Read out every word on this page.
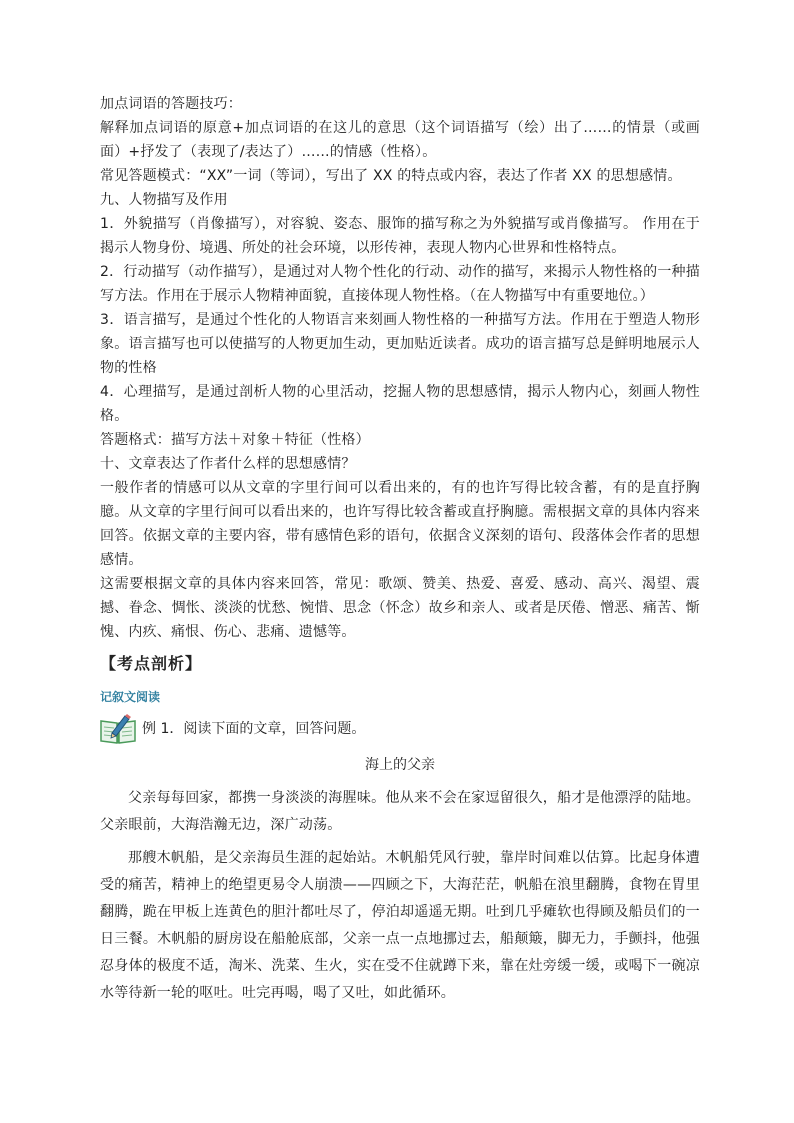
加点词语的答题技巧：

解释加点词语的原意+加点词语的在这儿的意思（这个词语描写（绘）出了……的情景（或画面）+抒发了（表现了/表达了）……的情感（性格）。

常见答题模式：“XX”一词（等词），写出了 XX 的特点或内容，表达了作者 XX 的思想感情。

九、人物描写及作用

1．外貌描写（肖像描写），对容貌、姿态、服饰的描写称之为外貌描写或肖像描写。 作用在于揭示人物身份、境遇、所处的社会环境，以形传神，表现人物内心世界和性格特点。

2．行动描写（动作描写），是通过对人物个性化的行动、动作的描写，来揭示人物性格的一种描写方法。作用在于展示人物精神面貌，直接体现人物性格。（在人物描写中有重要地位。）

3．语言描写，是通过个性化的人物语言来刻画人物性格的一种描写方法。作用在于塑造人物形象。语言描写也可以使描写的人物更加生动，更加贴近读者。成功的语言描写总是鲜明地展示人物的性格

4．心理描写，是通过剖析人物的心里活动，挖掘人物的思想感情，揭示人物内心，刻画人物性格。

答题格式：描写方法＋对象＋特征（性格）

十、文章表达了作者什么样的思想感情？

一般作者的情感可以从文章的字里行间可以看出来的，有的也许写得比较含蓄，有的是直抒胸臆。从文章的字里行间可以看出来的，也许写得比较含蓄或直抒胸臆。需根据文章的具体内容来回答。依据文章的主要内容，带有感情色彩的语句，依据含义深刻的语句、段落体会作者的思想感情。

这需要根据文章的具体内容来回答，常见：歌颂、赞美、热爱、喜爱、感动、高兴、渴望、震撼、眷念、惆怅、淡淡的忧愁、惋惜、思念（怀念）故乡和亲人、或者是厌倦、憎恶、痛苦、惭愧、内疚、痛恨、伤心、悲痛、遗憾等。

【考点剖析】
记叙文阅读
例 1．阅读下面的文章，回答问题。
海上的父亲

父亲每每回家，都携一身淡淡的海腥味。他从来不会在家逗留很久，船才是他漂浮的陆地。父亲眼前，大海浩瀚无边，深广动荡。

那艘木帆船，是父亲海员生涯的起始站。木帆船凭风行驶，靠岸时间难以估算。比起身体遭受的痛苦，精神上的绝望更易令人崩溃——四顾之下，大海茫茫，帆船在浪里翻腾，食物在胃里翻腾，跪在甲板上连黄色的胆汁都吐尽了，停泊却遥遥无期。吐到几乎瘫软也得顾及船员们的一日三餐。木帆船的厨房设在船舱底部，父亲一点一点地挪过去，船颠簸，脚无力，手颤抖，他强忍身体的极度不适，淘米、洗菜、生火，实在受不住就蹲下来，靠在灶旁缓一缓，或喝下一碗凉水等待新一轮的呕吐。吐完再喝，喝了又吐，如此循环。
